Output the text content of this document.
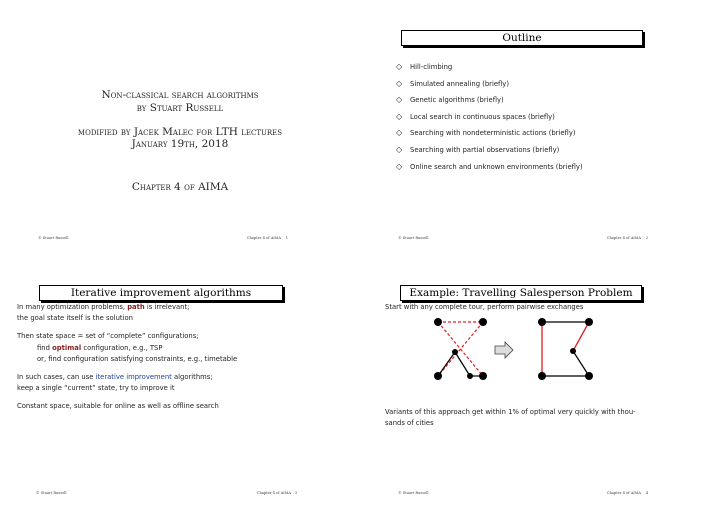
Non-classical search algorithms
by Stuart Russell
modified by Jacek Malec for LTH lectures
January 19th, 2018
Chapter 4 of AIMA
© Stuart Russell	Chapter 4 of AIMA 1
Outline
© Stuart Russell	Chapter 4 of AIMA 2
◇ Hill-climbing
◇ Simulated annealing (briefly)
◇ Genetic algorithms (briefly)
◇ Local search in continuous spaces (briefly)
◇ Searching with nondeterministic actions (briefly)
◇ Searching with partial observations (briefly)
◇ Online search and unknown environments (briefly)
Iterative improvement algorithms
In many optimization problems, path is irrelevant;
the goal state itself is the solution
Then state space = set of “complete” configurations;
find optimal configuration, e.g., TSP
or, find configuration satisfying constraints, e.g., timetable
In such cases, can use iterative improvement algorithms;
keep a single “current” state, try to improve it
Constant space, suitable for online as well as offline search
© Stuart Russell	Chapter 4 of AIMA 3
Example: Travelling Salesperson Problem
Start with any complete tour, perform pairwise exchanges
Variants of this approach get within 1% of optimal very quickly with thou-
sands of cities
© Stuart Russell	Chapter 4 of AIMA 4
